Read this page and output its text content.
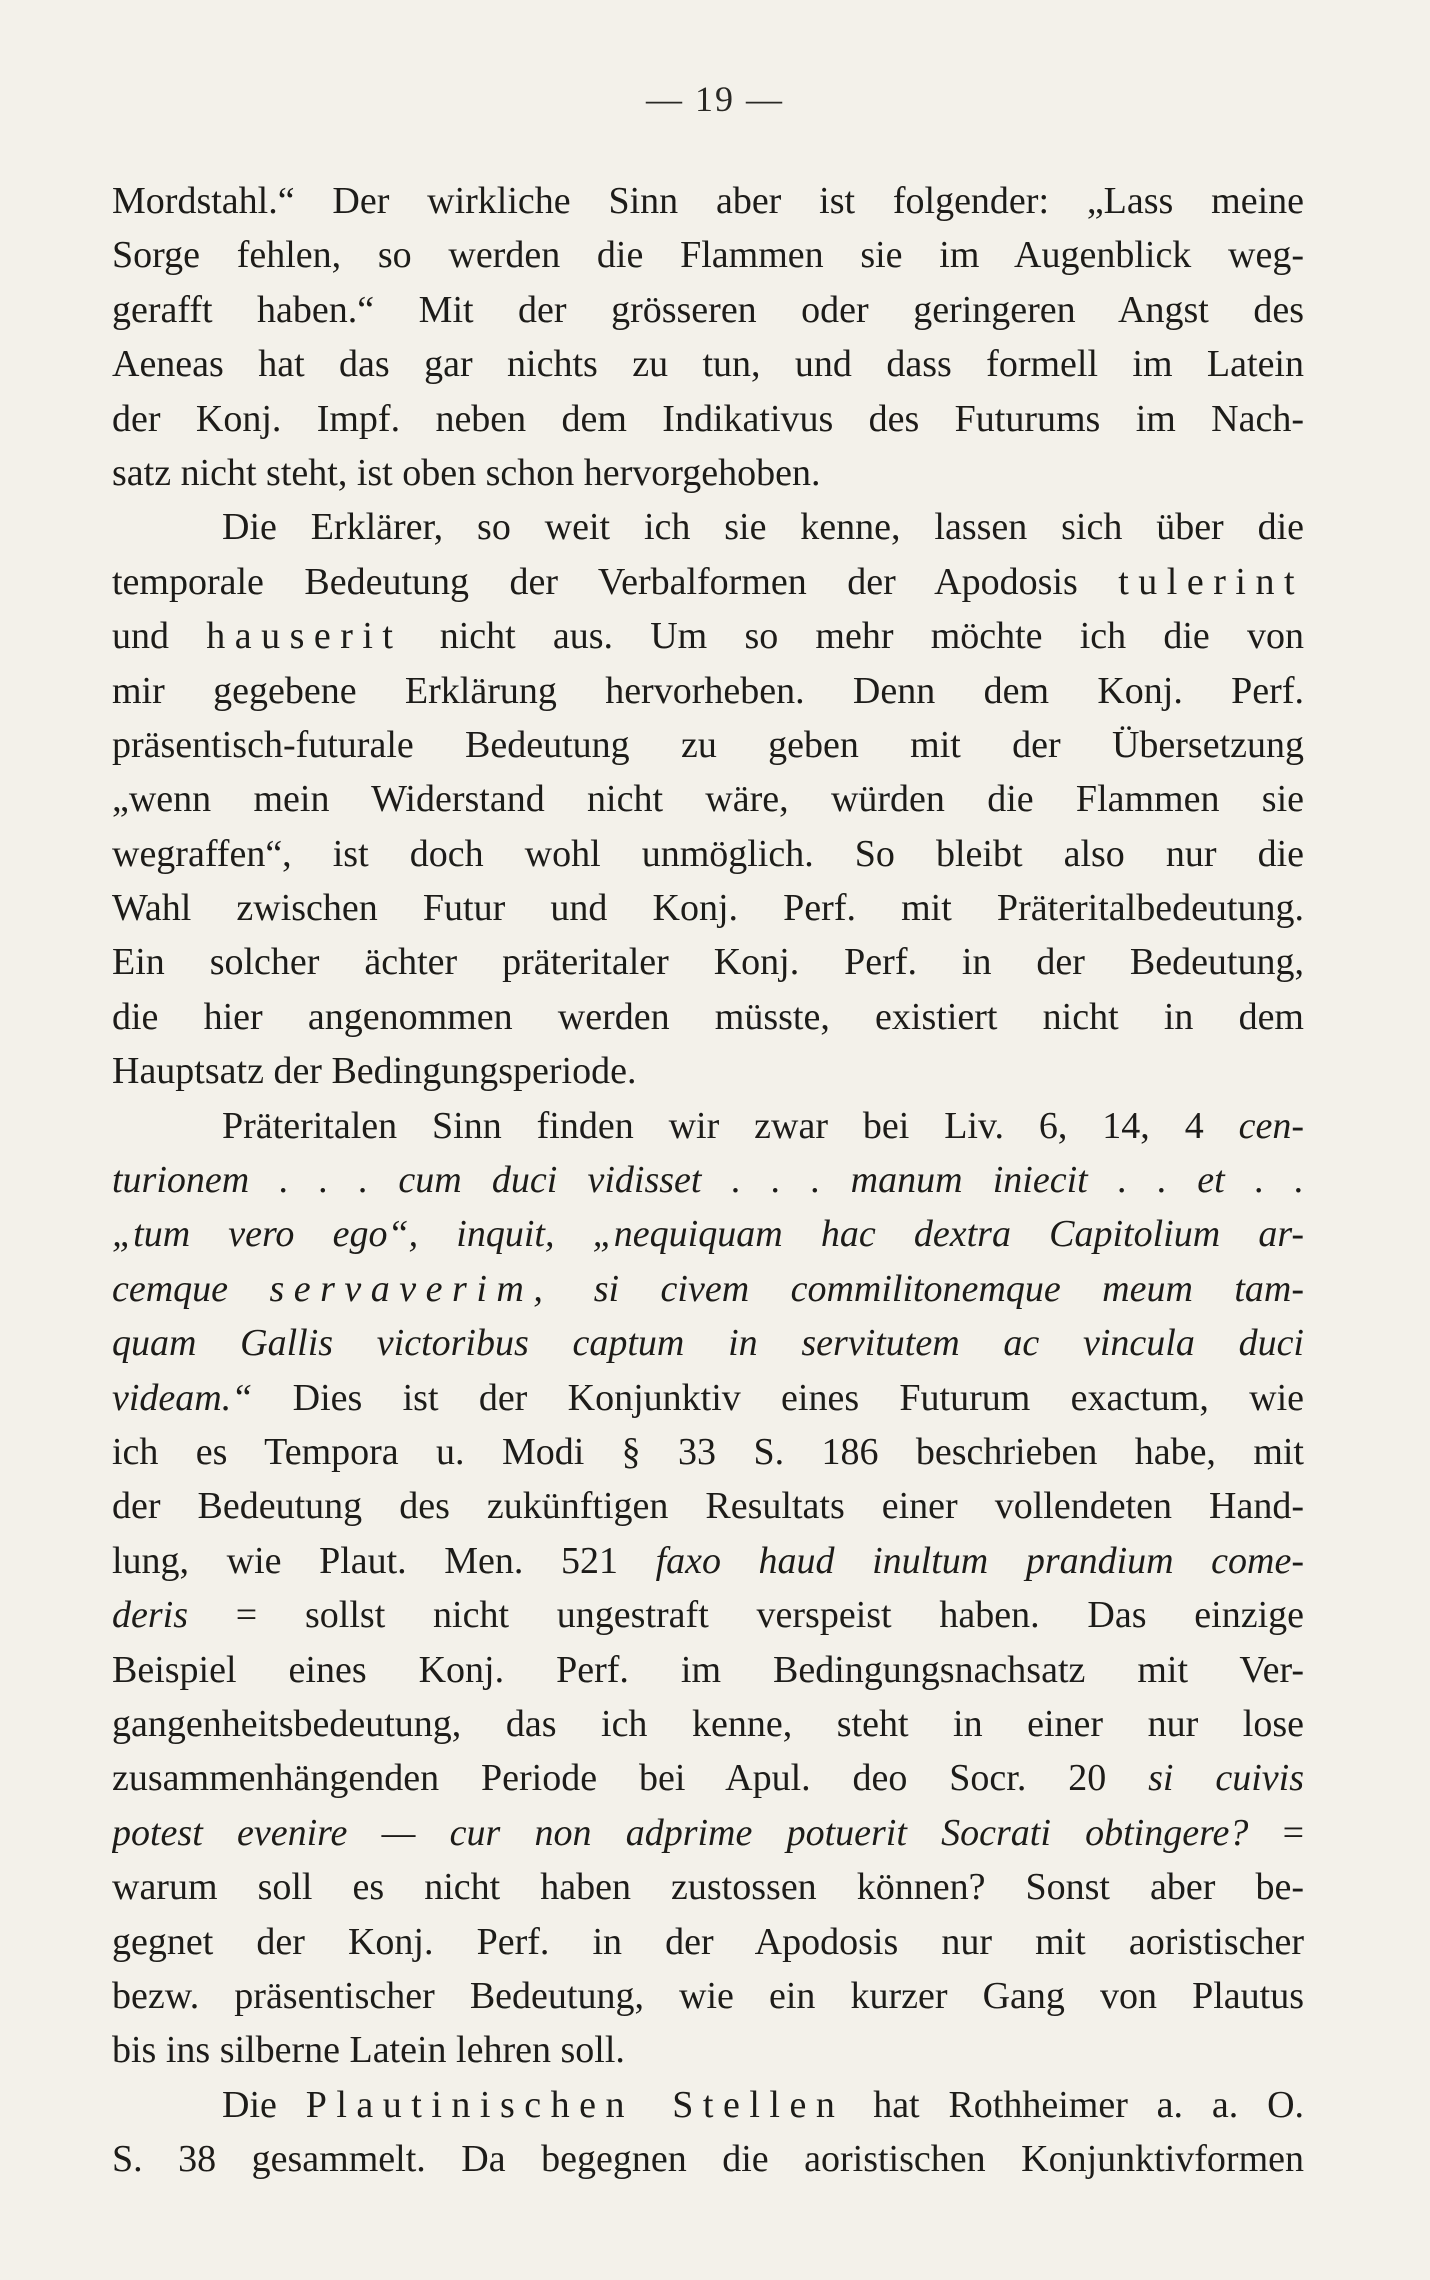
— 19 —
Mordstahl.“ Der wirkliche Sinn aber ist folgender: „Lass meine
Sorge fehlen, so werden die Flammen sie im Augenblick weg-
gerafft haben.“ Mit der grösseren oder geringeren Angst des
Aeneas hat das gar nichts zu tun, und dass formell im Latein
der Konj. Impf. neben dem Indikativus des Futurums im Nach-
satz nicht steht, ist oben schon hervorgehoben.
Die Erklärer, so weit ich sie kenne, lassen sich über die
temporale Bedeutung der Verbalformen der Apodosis tulerint
und hauserit nicht aus. Um so mehr möchte ich die von
mir gegebene Erklärung hervorheben. Denn dem Konj. Perf.
präsentisch-futurale Bedeutung zu geben mit der Übersetzung
„wenn mein Widerstand nicht wäre, würden die Flammen sie
wegraffen“, ist doch wohl unmöglich. So bleibt also nur die
Wahl zwischen Futur und Konj. Perf. mit Präteritalbedeutung.
Ein solcher ächter präteritaler Konj. Perf. in der Bedeutung,
die hier angenommen werden müsste, existiert nicht in dem
Hauptsatz der Bedingungsperiode.
Präteritalen Sinn finden wir zwar bei Liv. 6, 14, 4 cen-
turionem . . . cum duci vidisset . . . manum iniecit . . et . .
„tum vero ego“, inquit, „nequiquam hac dextra Capitolium ar-
cemque servaverim, si civem commilitonemque meum tam-
quam Gallis victoribus captum in servitutem ac vincula duci
videam.“ Dies ist der Konjunktiv eines Futurum exactum, wie
ich es Tempora u. Modi § 33 S. 186 beschrieben habe, mit
der Bedeutung des zukünftigen Resultats einer vollendeten Hand-
lung, wie Plaut. Men. 521 faxo haud inultum prandium come-
deris = sollst nicht ungestraft verspeist haben. Das einzige
Beispiel eines Konj. Perf. im Bedingungsnachsatz mit Ver-
gangenheitsbedeutung, das ich kenne, steht in einer nur lose
zusammenhängenden Periode bei Apul. deo Socr. 20 si cuivis
potest evenire — cur non adprime potuerit Socrati obtingere? =
warum soll es nicht haben zustossen können? Sonst aber be-
gegnet der Konj. Perf. in der Apodosis nur mit aoristischer
bezw. präsentischer Bedeutung, wie ein kurzer Gang von Plautus
bis ins silberne Latein lehren soll.
Die Plautinischen Stellen hat Rothheimer a. a. O.
S. 38 gesammelt. Da begegnen die aoristischen Konjunktivformen
